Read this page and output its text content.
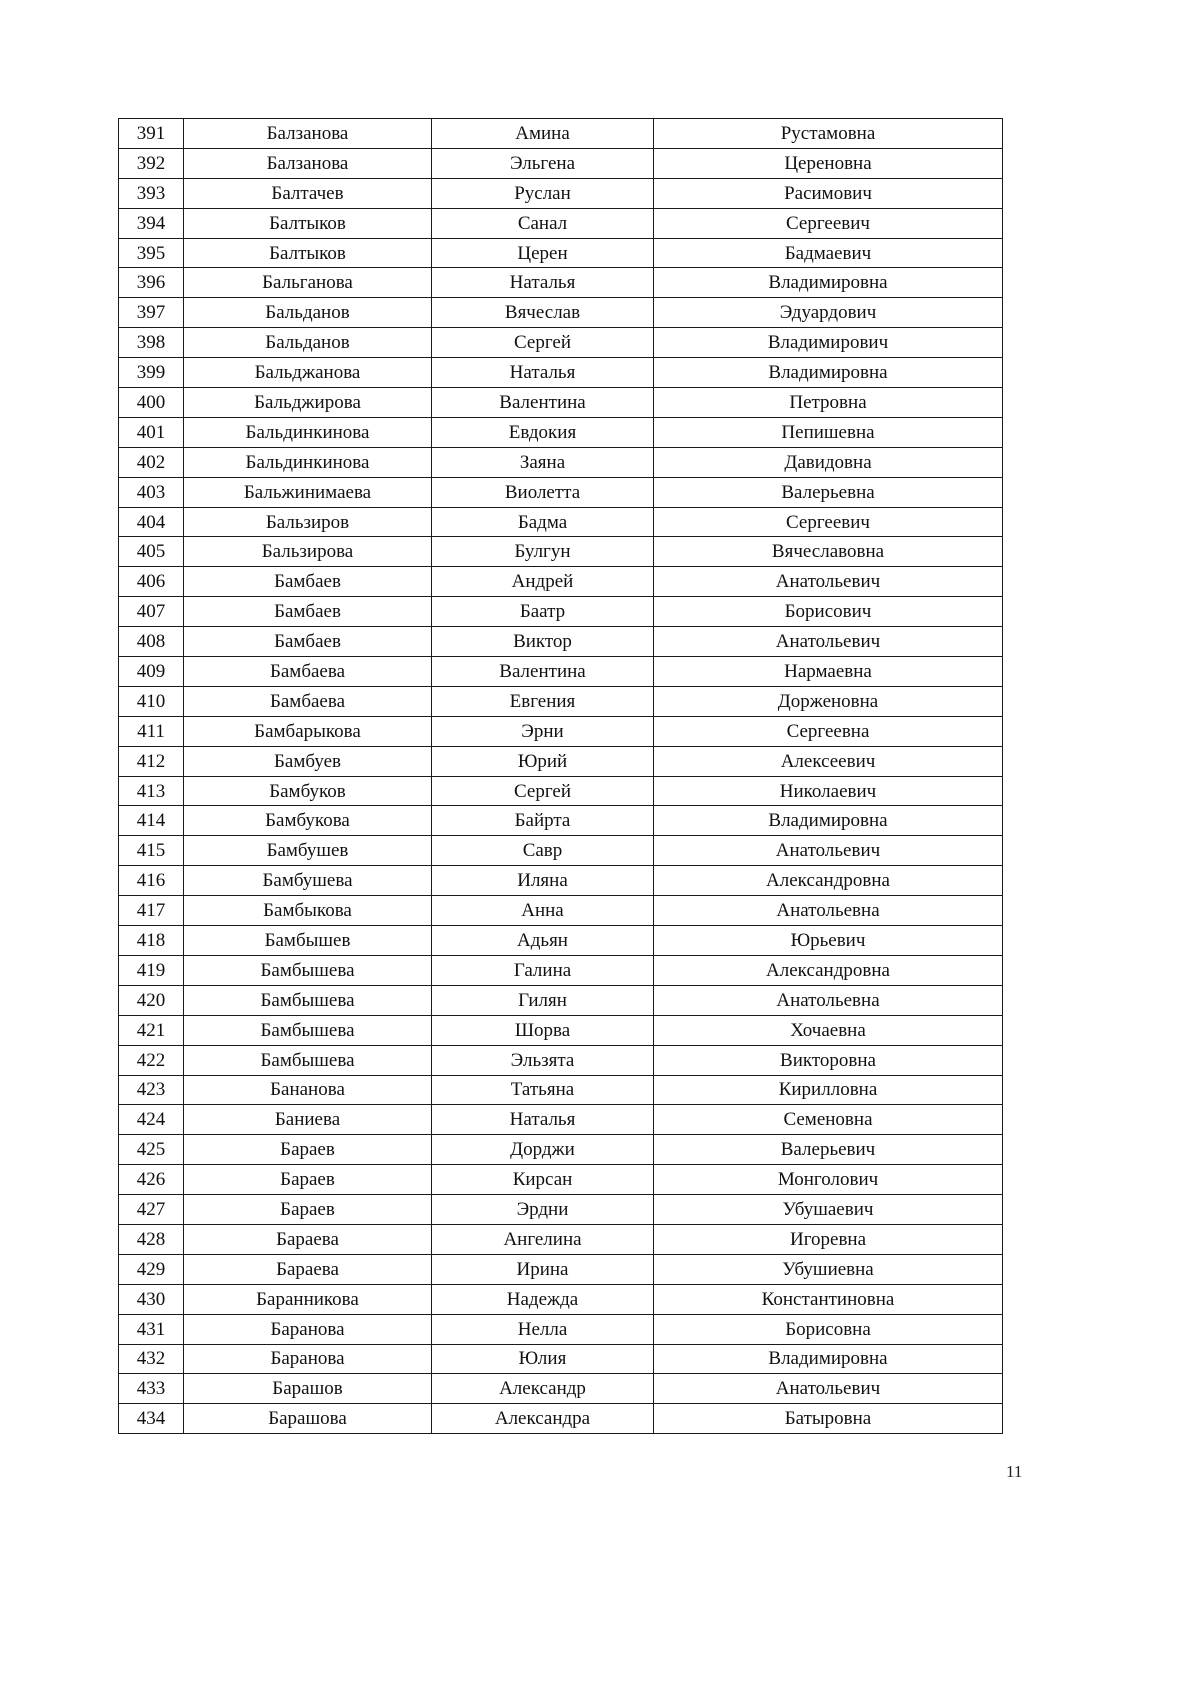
391	Балзанова	Амина	Рустамовна
392	Балзанова	Эльгена	Цереновна
393	Балтачев	Руслан	Расимович
394	Балтыков	Санал	Сергеевич
395	Балтыков	Церен	Бадмаевич
396	Бальганова	Наталья	Владимировна
397	Бальданов	Вячеслав	Эдуардович
398	Бальданов	Сергей	Владимирович
399	Бальджанова	Наталья	Владимировна
400	Бальджирова	Валентина	Петровна
401	Бальдинкинова	Евдокия	Пепишевна
402	Бальдинкинова	Заяна	Давидовна
403	Бальжинимаева	Виолетта	Валерьевна
404	Бальзиров	Бадма	Сергеевич
405	Бальзирова	Булгун	Вячеславовна
406	Бамбаев	Андрей	Анатольевич
407	Бамбаев	Баатр	Борисович
408	Бамбаев	Виктор	Анатольевич
409	Бамбаева	Валентина	Нармаевна
410	Бамбаева	Евгения	Дорженовна
411	Бамбарыкова	Эрни	Сергеевна
412	Бамбуев	Юрий	Алексеевич
413	Бамбуков	Сергей	Николаевич
414	Бамбукова	Байрта	Владимировна
415	Бамбушев	Савр	Анатольевич
416	Бамбушева	Иляна	Александровна
417	Бамбыкова	Анна	Анатольевна
418	Бамбышев	Адьян	Юрьевич
419	Бамбышева	Галина	Александровна
420	Бамбышева	Гилян	Анатольевна
421	Бамбышева	Шорва	Хочаевна
422	Бамбышева	Эльзята	Викторовна
423	Бананова	Татьяна	Кирилловна
424	Баниева	Наталья	Семеновна
425	Бараев	Дорджи	Валерьевич
426	Бараев	Кирсан	Монголович
427	Бараев	Эрдни	Убушаевич
428	Бараева	Ангелина	Игоревна
429	Бараева	Ирина	Убушиевна
430	Баранникова	Надежда	Константиновна
431	Баранова	Нелла	Борисовна
432	Баранова	Юлия	Владимировна
433	Барашов	Александр	Анатольевич
434	Барашова	Александра	Батыровна
11
